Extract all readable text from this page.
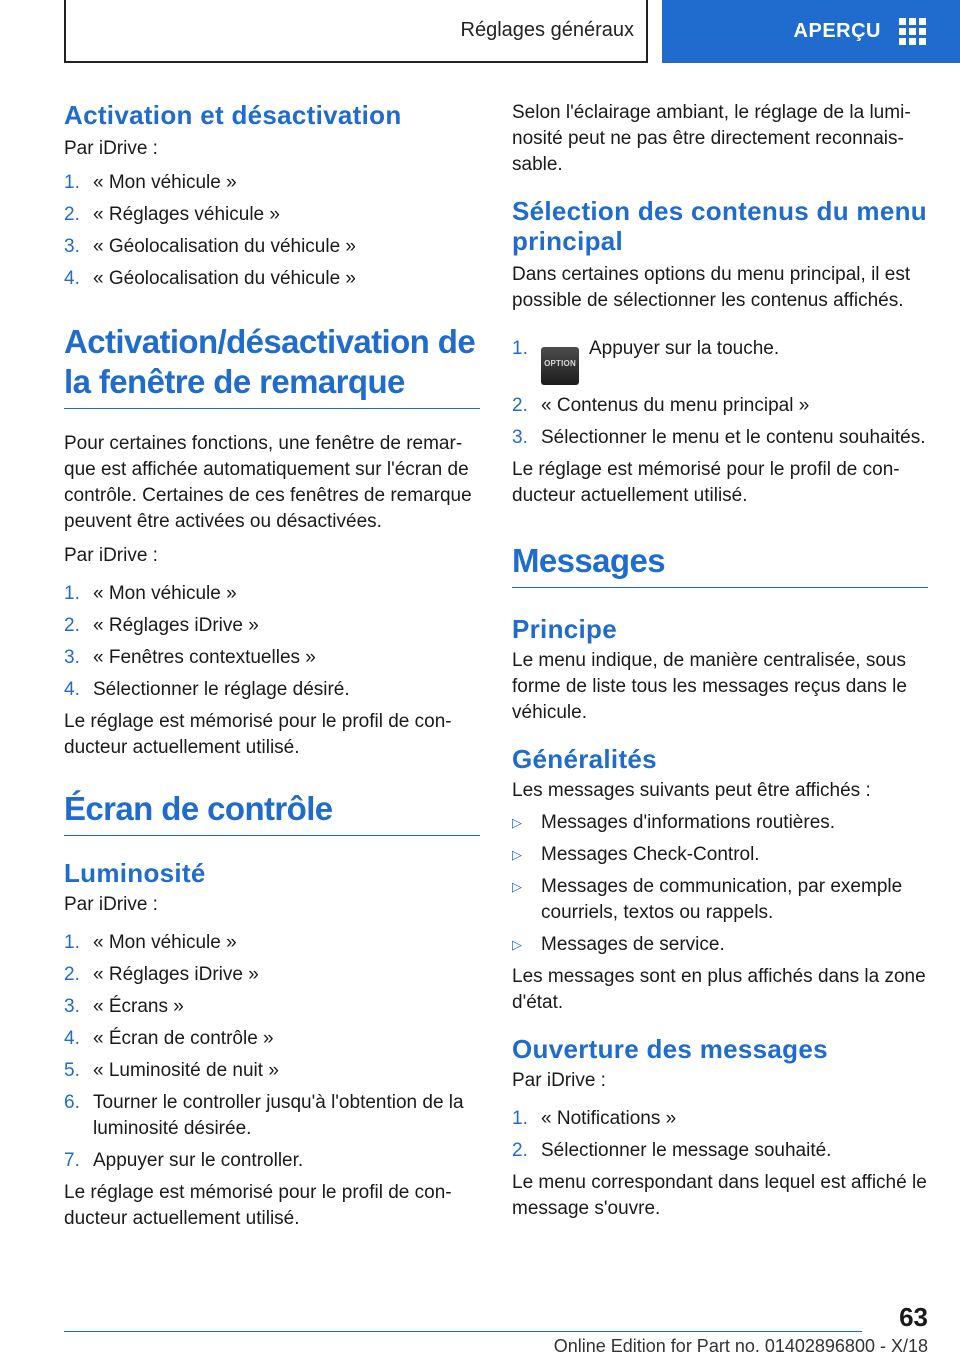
Réglages généraux	APERÇU
Activation et désactivation

Par iDrive :

1. « Mon véhicule »
2. « Réglages véhicule »
3. « Géolocalisation du véhicule »
4. « Géolocalisation du véhicule »
Activation/désactivation de la fenêtre de remarque

Pour certaines fonctions, une fenêtre de remarque est affichée automatiquement sur l'écran de contrôle. Certaines de ces fenêtres de remarque peuvent être activées ou désactivées.

Par iDrive :

1. « Mon véhicule »
2. « Réglages iDrive »
3. « Fenêtres contextuelles »
4. Sélectionner le réglage désiré.

Le réglage est mémorisé pour le profil de conducteur actuellement utilisé.

Écran de contrôle
Luminosité

Par iDrive :

1. « Mon véhicule »
2. « Réglages iDrive »
3. « Écrans »
4. « Écran de contrôle »
5. « Luminosité de nuit »
6. Tourner le controller jusqu'à l'obtention de la luminosité désirée.
7. Appuyer sur le controller.

Le réglage est mémorisé pour le profil de conducteur actuellement utilisé.

Selon l'éclairage ambiant, le réglage de la luminosité peut ne pas être directement reconnaissable.

Sélection des contenus du menu principal

Dans certaines options du menu principal, il est possible de sélectionner les contenus affichés.

1.
OPTIONAppuyer sur la touche.
2. « Contenus du menu principal »
3. Sélectionner le menu et le contenu souhaités.

Le réglage est mémorisé pour le profil de conducteur actuellement utilisé.

Messages
Principe

Le menu indique, de manière centralisée, sous forme de liste tous les messages reçus dans le véhicule.

Généralités

Les messages suivants peut être affichés :

▷	Messages d'informations routières.
▷	Messages Check-Control.
▷	Messages de communication, par exemple courriels, textos ou rappels.
▷	Messages de service.

Les messages sont en plus affichés dans la zone d'état.

Ouverture des messages

Par iDrive :

1. « Notifications »
2. Sélectionner le message souhaité.

Le menu correspondant dans lequel est affiché le message s'ouvre.

63
Online Edition for Part no. 01402896800 - X/18
